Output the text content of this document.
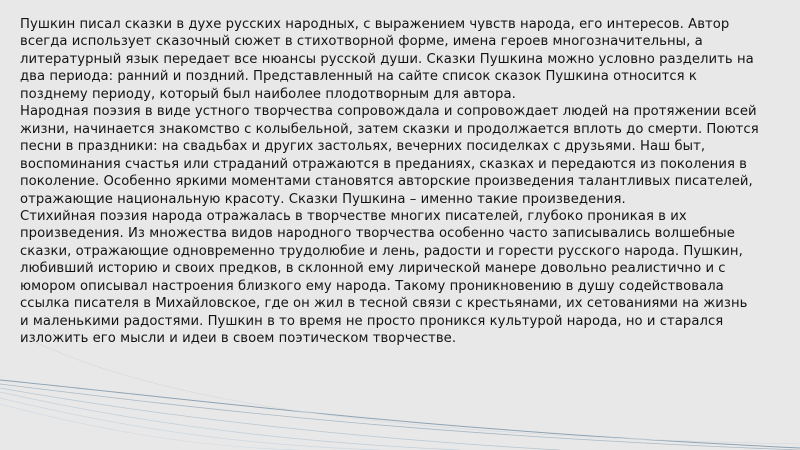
Пушкин писал сказки в духе русских народных, с выражением чувств народа, его интересов. Автор всегда использует сказочный сюжет в стихотворной форме, имена героев многозначительны, а литературный язык передает все нюансы русской души. Сказки Пушкина можно условно разделить на два периода: ранний и поздний. Представленный на сайте список сказок Пушкина относится к позднему периоду, который был наиболее плодотворным для автора.

Народная поэзия в виде устного творчества сопровождала и сопровождает людей на протяжении всей жизни, начинается знакомство с колыбельной, затем сказки и продолжается вплоть до смерти. Поются песни в праздники: на свадьбах и других застольях, вечерних посиделках с друзьями. Наш быт, воспоминания счастья или страданий отражаются в преданиях, сказках и передаются из поколения в поколение. Особенно яркими моментами становятся авторские произведения талантливых писателей, отражающие национальную красоту. Сказки Пушкина – именно такие произведения.

Стихийная поэзия народа отражалась в творчестве многих писателей, глубоко проникая в их произведения. Из множества видов народного творчества особенно часто записывались волшебные сказки, отражающие одновременно трудолюбие и лень, радости и горести русского народа. Пушкин, любивший историю и своих предков, в склонной ему лирической манере довольно реалистично и с юмором описывал настроения близкого ему народа. Такому проникновению в душу содействовала ссылка писателя в Михайловское, где он жил в тесной связи с крестьянами, их сетованиями на жизнь и маленькими радостями. Пушкин в то время не просто проникся культурой народа, но и старался изложить его мысли и идеи в своем поэтическом творчестве.
